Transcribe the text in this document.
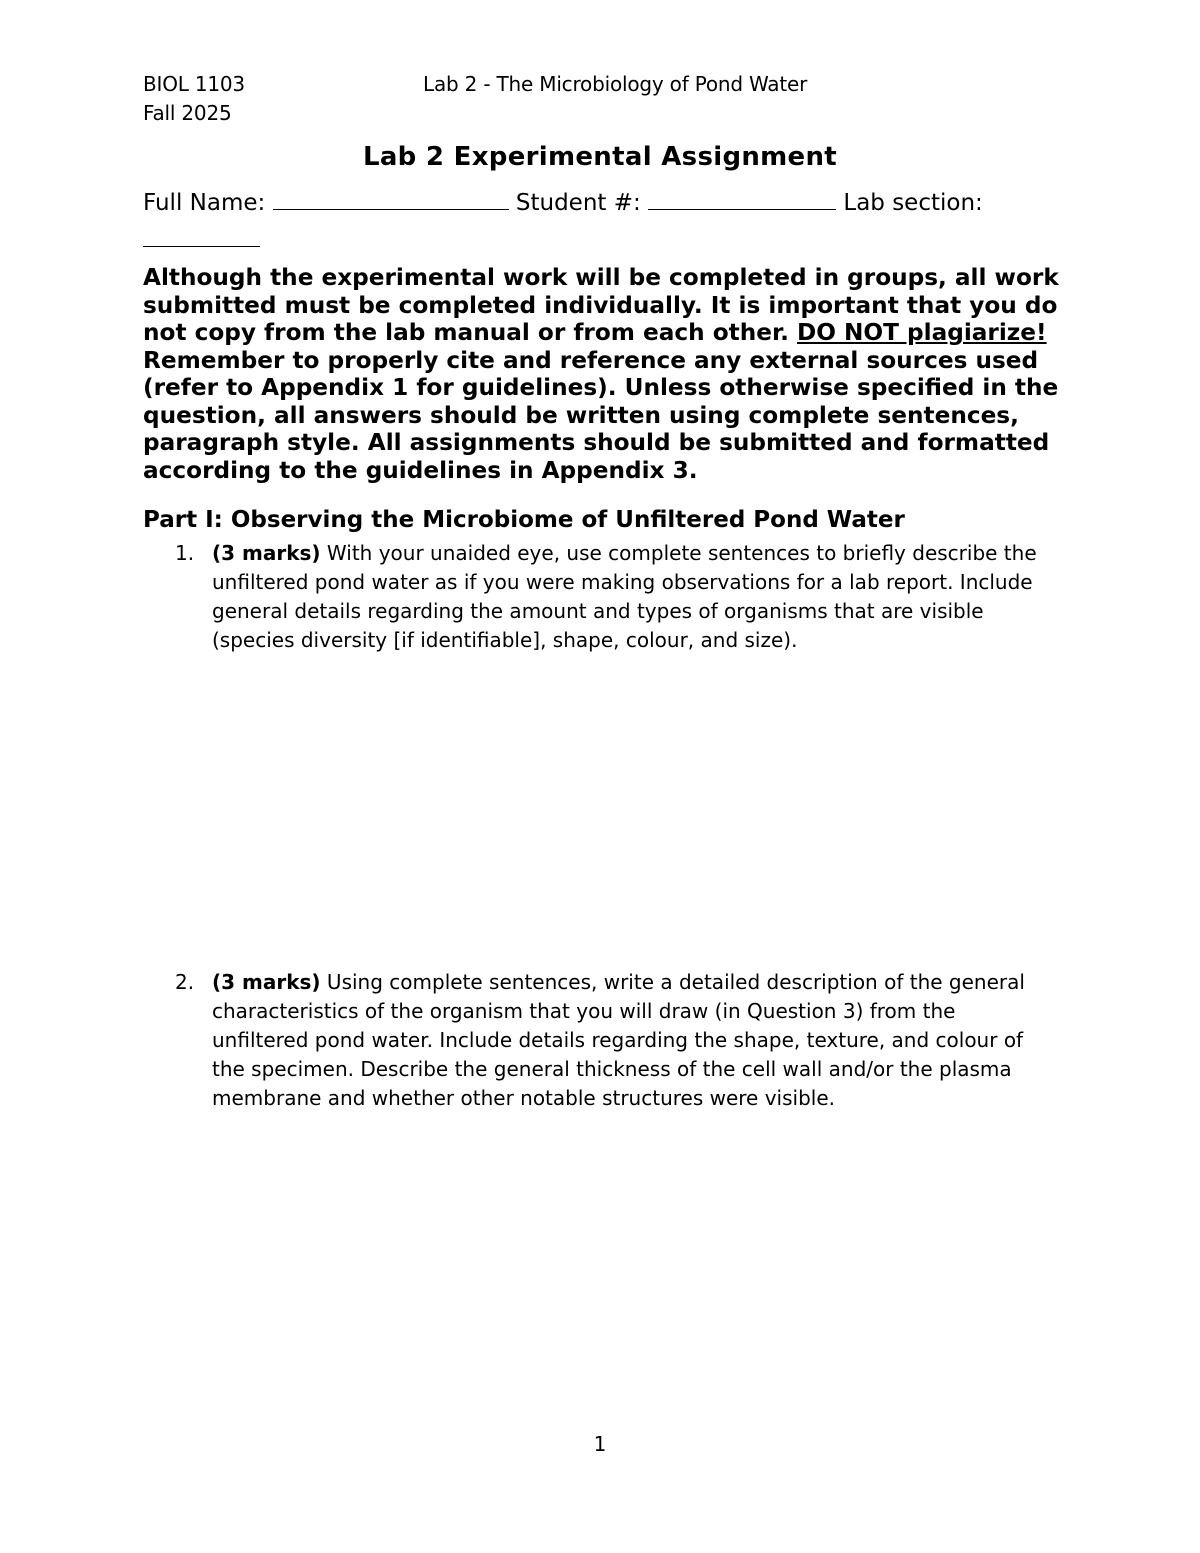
BIOL 1103
Fall 2025
Lab 2 - The Microbiology of Pond Water
Lab 2 Experimental Assignment
Full Name:	Student #:	Lab section:
Although the experimental work will be completed in groups, all work submitted must be completed individually. It is important that you do not copy from the lab manual or from each other. DO NOT plagiarize! Remember to properly cite and reference any external sources used (refer to Appendix 1 for guidelines). Unless otherwise specified in the question, all answers should be written using complete sentences, paragraph style. All assignments should be submitted and formatted according to the guidelines in Appendix 3.
Part I: Observing the Microbiome of Unfiltered Pond Water
1. (3 marks) With your unaided eye, use complete sentences to briefly describe the unfiltered pond water as if you were making observations for a lab report. Include general details regarding the amount and types of organisms that are visible (species diversity [if identifiable], shape, colour, and size).
2. (3 marks) Using complete sentences, write a detailed description of the general characteristics of the organism that you will draw (in Question 3) from the unfiltered pond water. Include details regarding the shape, texture, and colour of the specimen. Describe the general thickness of the cell wall and/or the plasma membrane and whether other notable structures were visible.
1
